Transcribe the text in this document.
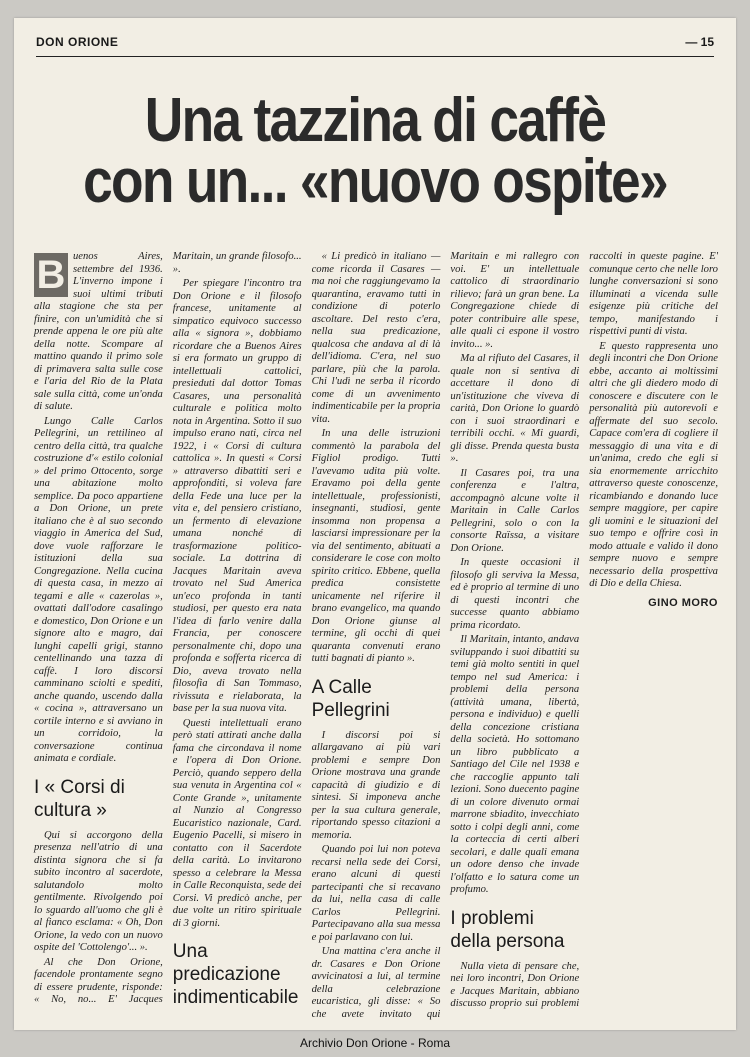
DON ORIONE	— 15
Una tazzina di caffè
con un... «nuovo ospite»

B uenos Aires, settembre del 1936. L'inverno impone i suoi ultimi tributi alla stagione che sta per finire, con un'umidità che si prende appena le ore più alte della notte. Scompare al mattino quando il primo sole di primavera salta sulle cose e l'aria del Rio de la Plata sale sulla città, come un'onda di salute.

Lungo Calle Carlos Pellegrini, un rettilineo al centro della città, tra qualche costruzione d'« estilo colonial » del primo Ottocento, sorge una abitazione molto semplice. Da poco appartiene a Don Orione, un prete italiano che è al suo secondo viaggio in America del Sud, dove vuole rafforzare le istituzioni della sua Congregazione. Nella cucina di questa casa, in mezzo ai tegami e alle « cazerolas », ovattati dall'odore casalingo e domestico, Don Orione e un signore alto e magro, dai lunghi capelli grigi, stanno centellinando una tazza di caffè. I loro discorsi camminano sciolti e spediti, anche quando, uscendo dalla « cocina », attraversano un cortile interno e si avviano in un corridoio, la conversazione continua animata e cordiale.

I « Corsi di cultura »

Qui si accorgono della presenza nell'atrio di una distinta signora che si fa subito incontro al sacerdote, salutandolo molto gentilmente. Rivolgendo poi lo sguardo all'uomo che gli è al fianco esclama: « Oh, Don Orione, la vedo con un nuovo ospite del 'Cottolengo'... ».

Al che Don Orione, facendole prontamente segno di essere prudente, risponde: « No, no... E' Jacques Maritain, un grande filosofo... ».

Per spiegare l'incontro tra Don Orione e il filosofo francese, unitamente al simpatico equivoco successo alla « signora », dobbiamo ricordare che a Buenos Aires si era formato un gruppo di intellettuali cattolici, presieduti dal dottor Tomas Casares, una personalità culturale e politica molto nota in Argentina. Sotto il suo impulso erano nati, circa nel 1922, i « Corsi di cultura cattolica ». In questi « Corsi » attraverso dibattiti seri e approfonditi, si voleva fare della Fede una luce per la vita e, del pensiero cristiano, un fermento di elevazione umana nonché di trasformazione politico-sociale. La dottrina di Jacques Maritain aveva trovato nel Sud America un'eco profonda in tanti studiosi, per questo era nata l'idea di farlo venire dalla Francia, per conoscere personalmente chi, dopo una profonda e sofferta ricerca di Dio, aveva trovato nella filosofia di San Tommaso, rivissuta e rielaborata, la base per la sua nuova vita.

Questi intellettuali erano però stati attirati anche dalla fama che circondava il nome e l'opera di Don Orione. Perciò, quando seppero della sua venuta in Argentina col « Conte Grande », unitamente al Nunzio al Congresso Eucaristico nazionale, Card. Eugenio Pacelli, si misero in contatto con il Sacerdote della carità. Lo invitarono spesso a celebrare la Messa in Calle Reconquista, sede dei Corsi. Vi predicò anche, per due volte un ritiro spirituale di 3 giorni.

Una predicazione indimenticabile

« Li predicò in italiano — come ricorda il Casares — ma noi che raggiungevamo la quarantina, eravamo tutti in condizione di poterlo ascoltare. Del resto c'era, nella sua predicazione, qualcosa che andava al di là dell'idioma. C'era, nel suo parlare, più che la parola. Chi l'udì ne serba il ricordo come di un avvenimento indimenticabile per la propria vita.

In una delle istruzioni commentò la parabola del Figliol prodigo. Tutti l'avevamo udita più volte. Eravamo poi della gente intellettuale, professionisti, insegnanti, studiosi, gente insomma non propensa a lasciarsi impressionare per la via del sentimento, abituati a considerare le cose con molto spirito critico. Ebbene, quella predica consistette unicamente nel riferire il brano evangelico, ma quando Don Orione giunse al termine, gli occhi di quei quaranta convenuti erano tutti bagnati di pianto ».

A Calle Pellegrini

I discorsi poi si allargavano ai più vari problemi e sempre Don Orione mostrava una grande capacità di giudizio e di sintesi. Si imponeva anche per la sua cultura generale, riportando spesso citazioni a memoria.

Quando poi lui non poteva recarsi nella sede dei Corsi, erano alcuni di questi partecipanti che si recavano da lui, nella casa di calle Carlos Pellegrini. Partecipavano alla sua messa e poi parlavano con lui.

Una mattina c'era anche il dr. Casares e Don Orione avvicinatosi a lui, al termine della celebrazione eucaristica, gli disse: « So che avete invitato qui Maritain e mi rallegro con voi. E' un intellettuale cattolico di straordinario rilievo; farà un gran bene. La Congregazione chiede di poter contribuire alle spese, alle quali ci espone il vostro invito... ».

Ma al rifiuto del Casares, il quale non si sentiva di accettare il dono di un'istituzione che viveva di carità, Don Orione lo guardò con i suoi straordinari e terribili occhi. « Mi guardi, gli disse. Prenda questa busta ».

Il Casares poi, tra una conferenza e l'altra, accompagnò alcune volte il Maritain in Calle Carlos Pellegrini, solo o con la consorte Raïssa, a visitare Don Orione.

In queste occasioni il filosofo gli serviva la Messa, ed è proprio al termine di uno di questi incontri che successe quanto abbiamo prima ricordato.

Il Maritain, intanto, andava sviluppando i suoi dibattiti su temi già molto sentiti in quel tempo nel sud America: i problemi della persona (attività umana, libertà, persona e individuo) e quelli della concezione cristiana della società. Ho sottomano un libro pubblicato a Santiago del Cile nel 1938 e che raccoglie appunto tali lezioni. Sono duecento pagine di un colore divenuto ormai marrone sbiadito, invecchiato sotto i colpi degli anni, come la corteccia di certi alberi secolari, e dalle quali emana un odore denso che invade l'olfatto e lo satura come un profumo.

I problemi della persona

Nulla vieta di pensare che, nei loro incontri, Don Orione e Jacques Maritain, abbiano discusso proprio sui problemi raccolti in queste pagine. E' comunque certo che nelle loro lunghe conversazioni si sono illuminati a vicenda sulle esigenze più critiche del tempo, manifestando i rispettivi punti di vista.

E questo rappresenta uno degli incontri che Don Orione ebbe, accanto ai moltissimi altri che gli diedero modo di conoscere e discutere con le personalità più autorevoli e affermate del suo secolo. Capace com'era di cogliere il messaggio di una vita e di un'anima, credo che egli si sia enormemente arricchito attraverso queste conoscenze, ricambiando e donando luce sempre maggiore, per capire gli uomini e le situazioni del suo tempo e offrire così in modo attuale e valido il dono sempre nuovo e sempre necessario della prospettiva di Dio e della Chiesa.

GINO MORO
Archivio Don Orione - Roma
